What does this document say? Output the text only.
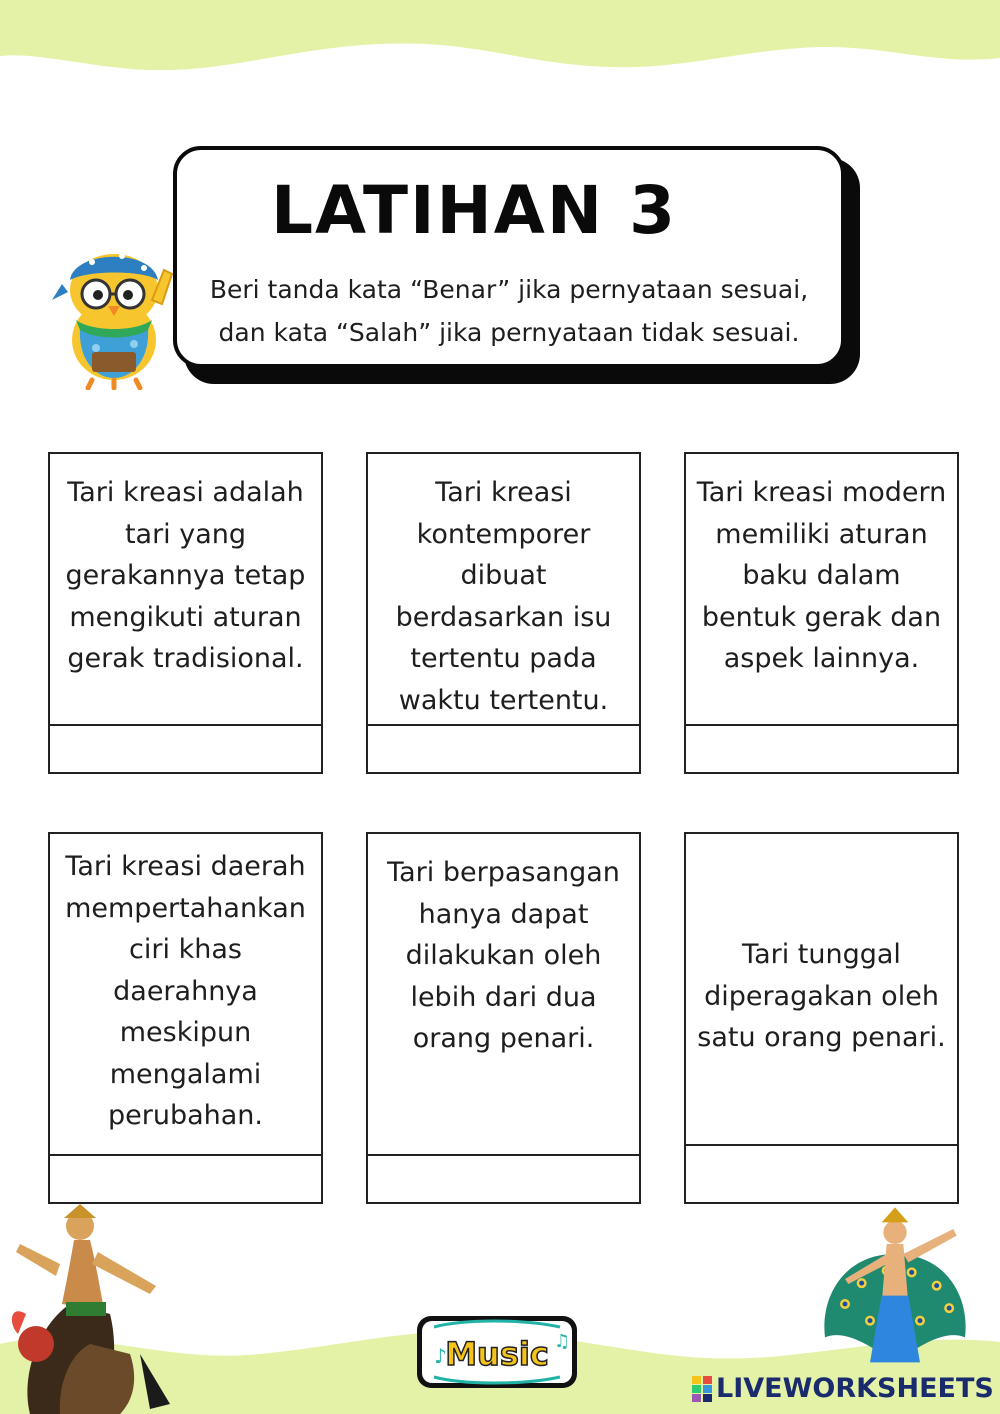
LATIHAN 3
Beri tanda kata “Benar” jika pernyataan sesuai,
dan kata “Salah” jika pernyataan tidak sesuai.
Tari kreasi adalah
tari yang
gerakannya tetap
mengikuti aturan
gerak tradisional.
Tari kreasi
kontemporer
dibuat
berdasarkan isu
tertentu pada
waktu tertentu.
Tari kreasi modern
memiliki aturan
baku dalam
bentuk gerak dan
aspek lainnya.
Tari kreasi daerah
mempertahankan
ciri khas
daerahnya
meskipun
mengalami
perubahan.
Tari berpasangan
hanya dapat
dilakukan oleh
lebih dari dua
orang penari.
Tari tunggal
diperagakan oleh
satu orang penari.
Music
♪
♫
LIVEWORKSHEETS
